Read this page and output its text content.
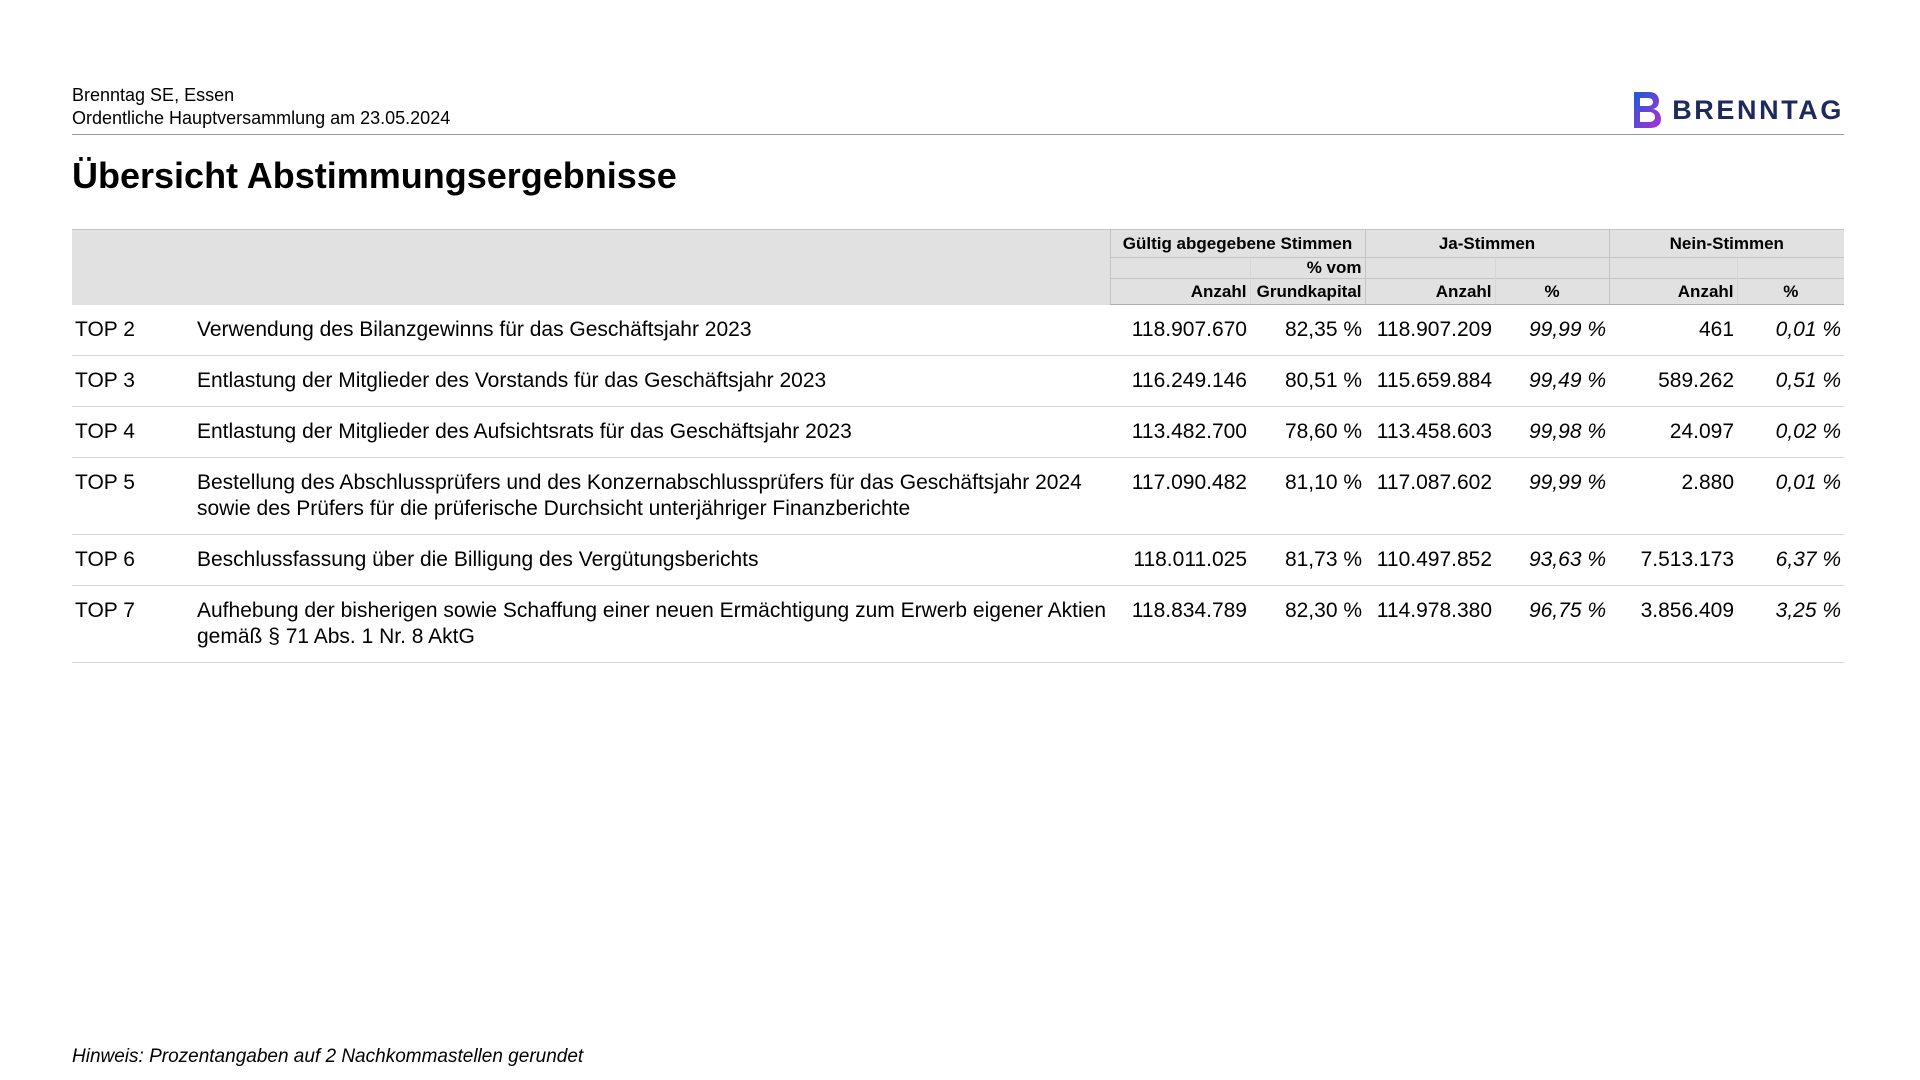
Brenntag SE, Essen
Ordentliche Hauptversammlung am 23.05.2024	BRENNTAG
Übersicht Abstimmungsergebnisse
		Gültig abgegebene Stimmen		Ja-Stimmen		Nein-Stimmen	
			% vom				
		Anzahl	Grundkapital	Anzahl	%	Anzahl	%
TOP 2	Verwendung des Bilanzgewinns für das Geschäftsjahr 2023	118.907.670	82,35 %	118.907.209	99,99 %	461	0,01 %
TOP 3	Entlastung der Mitglieder des Vorstands für das Geschäftsjahr 2023	116.249.146	80,51 %	115.659.884	99,49 %	589.262	0,51 %
TOP 4	Entlastung der Mitglieder des Aufsichtsrats für das Geschäftsjahr 2023	113.482.700	78,60 %	113.458.603	99,98 %	24.097	0,02 %
TOP 5	Bestellung des Abschlussprüfers und des Konzernabschlussprüfers für das Geschäftsjahr 2024 sowie des Prüfers für die prüferische Durchsicht unterjähriger Finanzberichte	117.090.482	81,10 %	117.087.602	99,99 %	2.880	0,01 %
TOP 6	Beschlussfassung über die Billigung des Vergütungsberichts	118.011.025	81,73 %	110.497.852	93,63 %	7.513.173	6,37 %
TOP 7	Aufhebung der bisherigen sowie Schaffung einer neuen Ermächtigung zum Erwerb eigener Aktien gemäß § 71 Abs. 1 Nr. 8 AktG	118.834.789	82,30 %	114.978.380	96,75 %	3.856.409	3,25 %
Hinweis: Prozentangaben auf 2 Nachkommastellen gerundet
